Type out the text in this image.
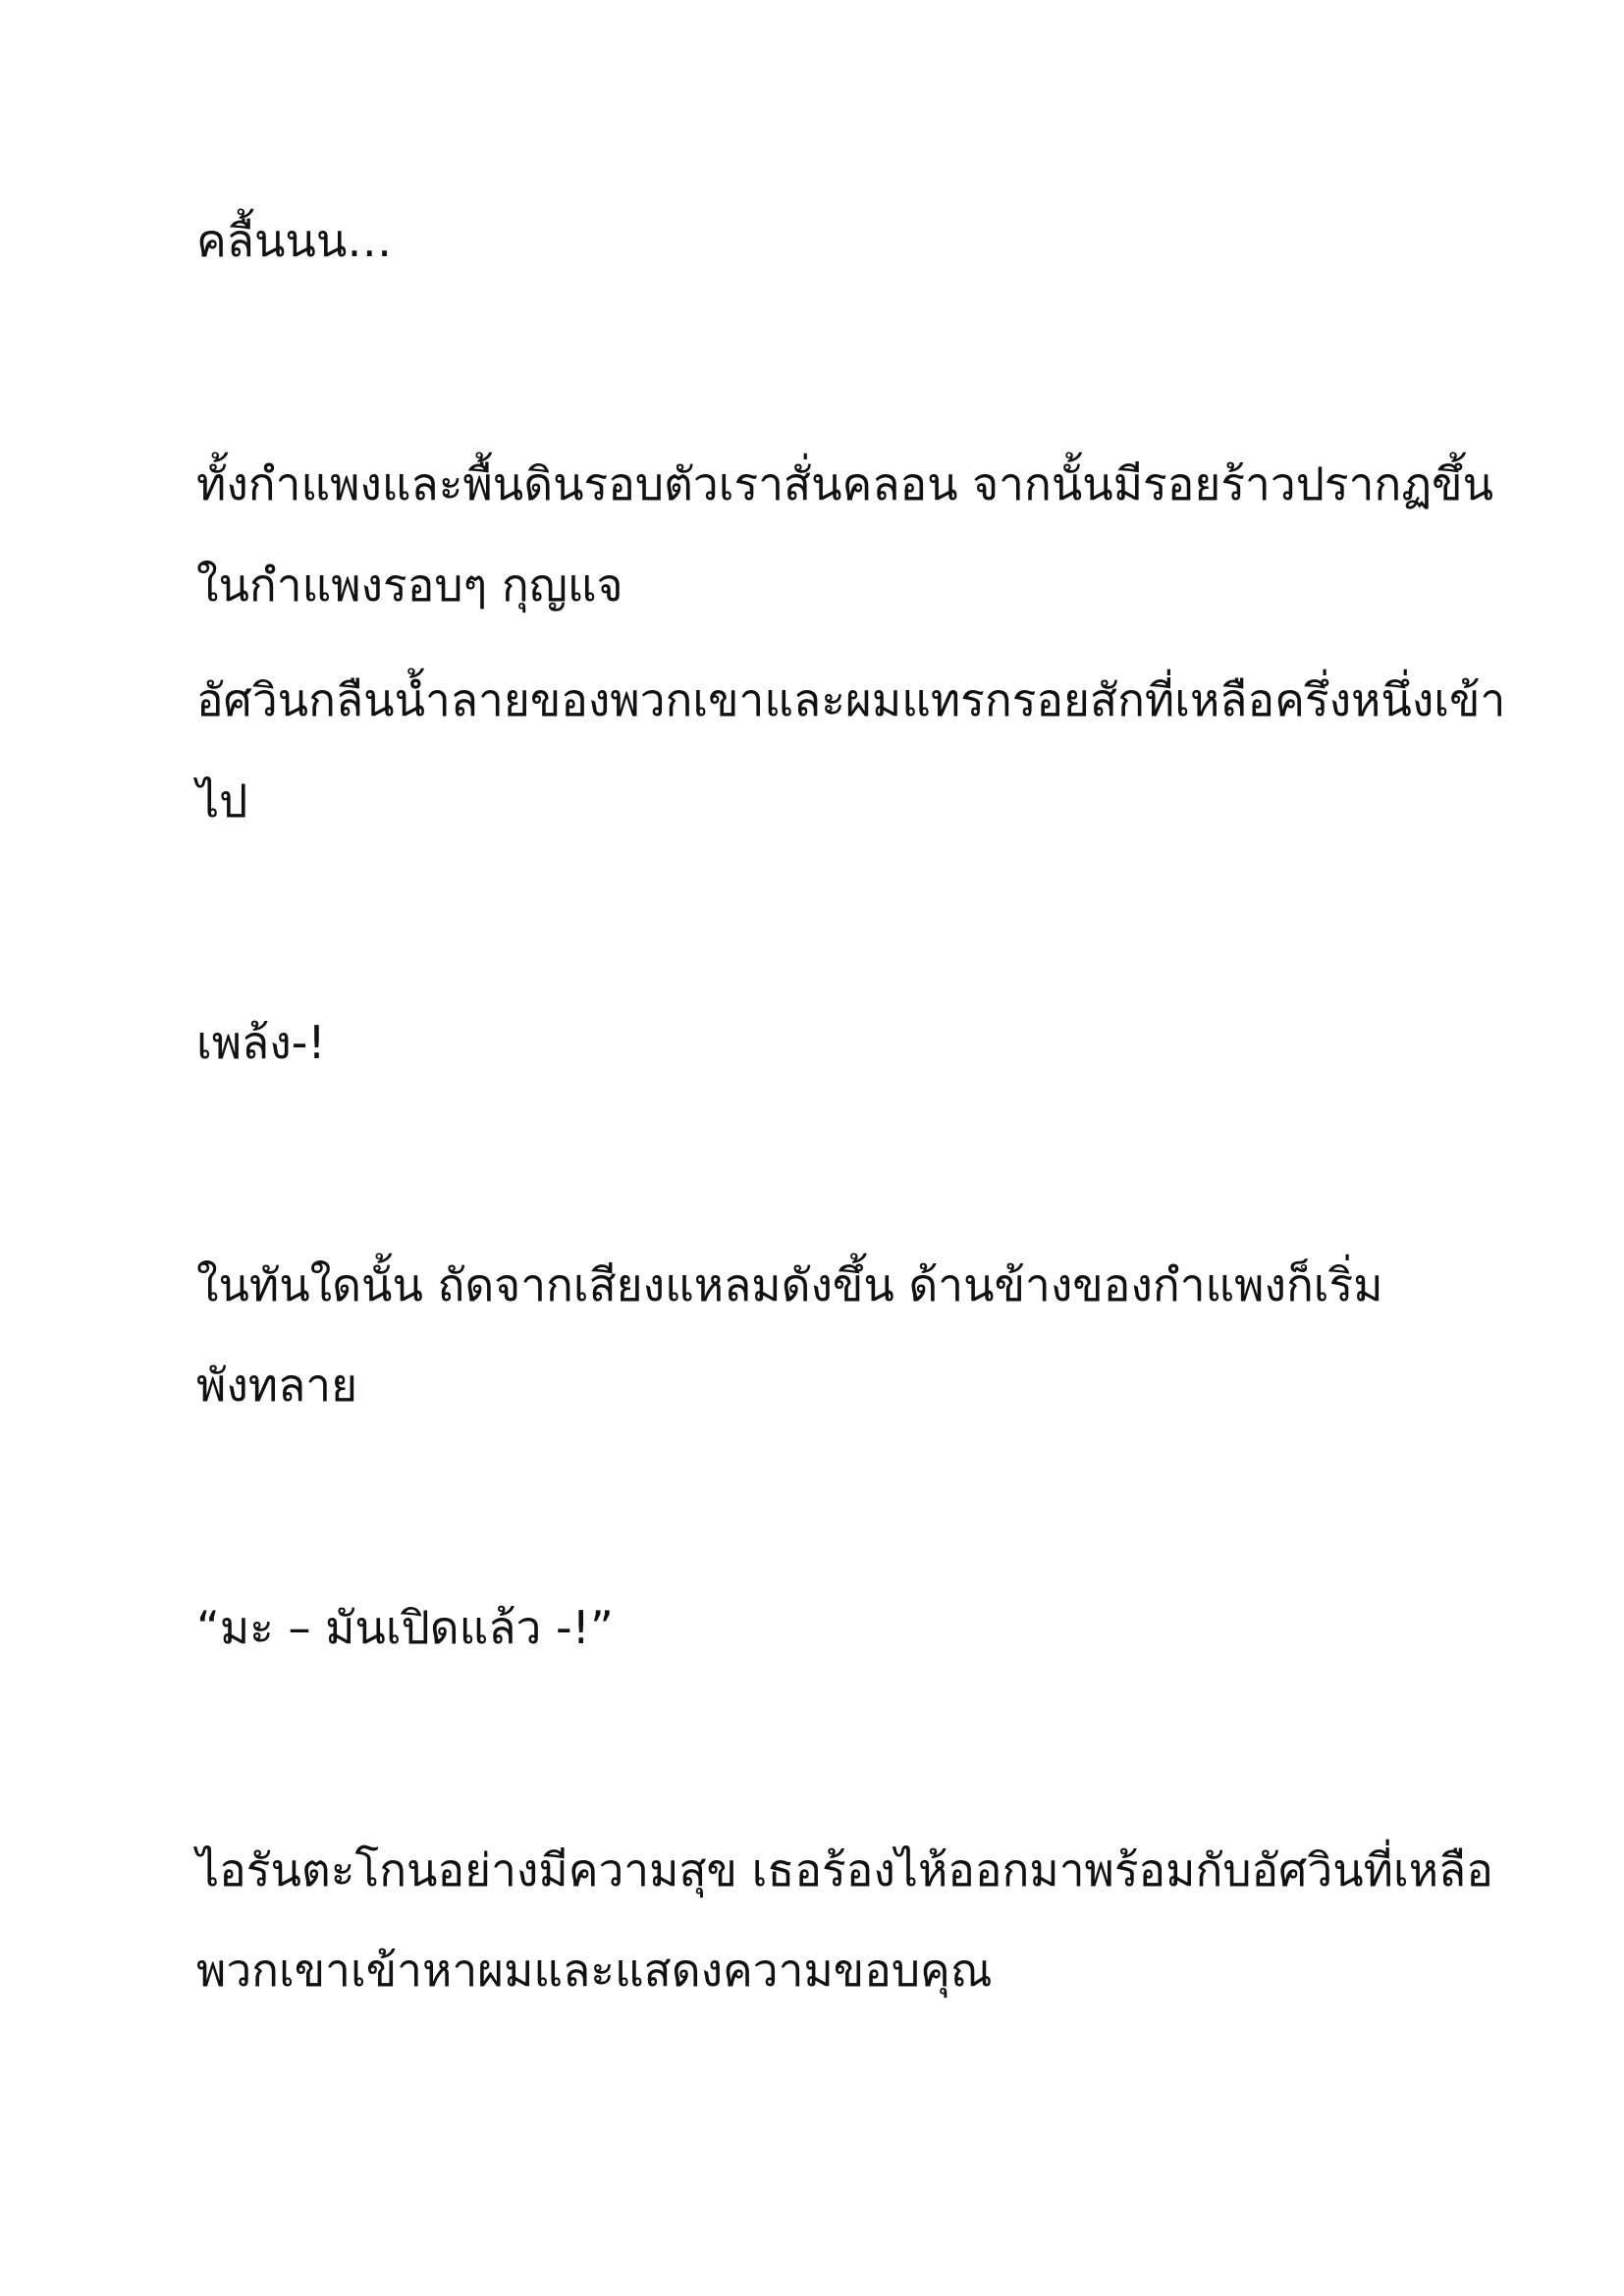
คลื้นนน…
ทั้งกำแพงและพื้นดินรอบตัวเราสั่นคลอน จากนั้นมีรอยร้าวปรากฏขึ้น
ในกำแพงรอบๆ กุญแจ
อัศวินกลืนน้ำลายของพวกเขาและผมแทรกรอยสักที่เหลือครึ่งหนึ่งเข้า
ไป
เพล้ง-!
ในทันใดนั้น ถัดจากเสียงแหลมดังขึ้น ด้านข้างของกำแพงก็เริ่ม
พังทลาย
“มะ – มันเปิดแล้ว -!”
ไอรันตะโกนอย่างมีความสุข เธอร้องไห้ออกมาพร้อมกับอัศวินที่เหลือ
พวกเขาเข้าหาผมและแสดงความขอบคุณ
